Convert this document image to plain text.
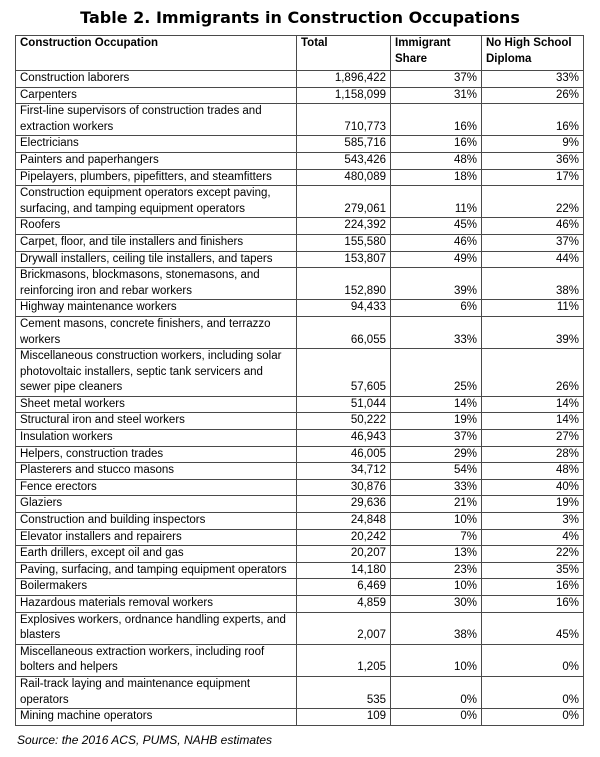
Table 2. Immigrants in Construction Occupations
Construction Occupation	Total	Immigrant Share	No High School Diploma
Construction laborers	1,896,422	37%	33%
Carpenters	1,158,099	31%	26%
First-line supervisors of construction trades and extraction workers	710,773	16%	16%
Electricians	585,716	16%	9%
Painters and paperhangers	543,426	48%	36%
Pipelayers, plumbers, pipefitters, and steamfitters	480,089	18%	17%
Construction equipment operators except paving, surfacing, and tamping equipment operators	279,061	11%	22%
Roofers	224,392	45%	46%
Carpet, floor, and tile installers and finishers	155,580	46%	37%
Drywall installers, ceiling tile installers, and tapers	153,807	49%	44%
Brickmasons, blockmasons, stonemasons, and reinforcing iron and rebar workers	152,890	39%	38%
Highway maintenance workers	94,433	6%	11%
Cement masons, concrete finishers, and terrazzo workers	66,055	33%	39%
Miscellaneous construction workers, including solar photovoltaic installers, septic tank servicers and sewer pipe cleaners	57,605	25%	26%
Sheet metal workers	51,044	14%	14%
Structural iron and steel workers	50,222	19%	14%
Insulation workers	46,943	37%	27%
Helpers, construction trades	46,005	29%	28%
Plasterers and stucco masons	34,712	54%	48%
Fence erectors	30,876	33%	40%
Glaziers	29,636	21%	19%
Construction and building inspectors	24,848	10%	3%
Elevator installers and repairers	20,242	7%	4%
Earth drillers, except oil and gas	20,207	13%	22%
Paving, surfacing, and tamping equipment operators	14,180	23%	35%
Boilermakers	6,469	10%	16%
Hazardous materials removal workers	4,859	30%	16%
Explosives workers, ordnance handling experts, and blasters	2,007	38%	45%
Miscellaneous extraction workers, including roof bolters and helpers	1,205	10%	0%
Rail-track laying and maintenance equipment operators	535	0%	0%
Mining machine operators	109	0%	0%
Source: the 2016 ACS, PUMS, NAHB estimates
